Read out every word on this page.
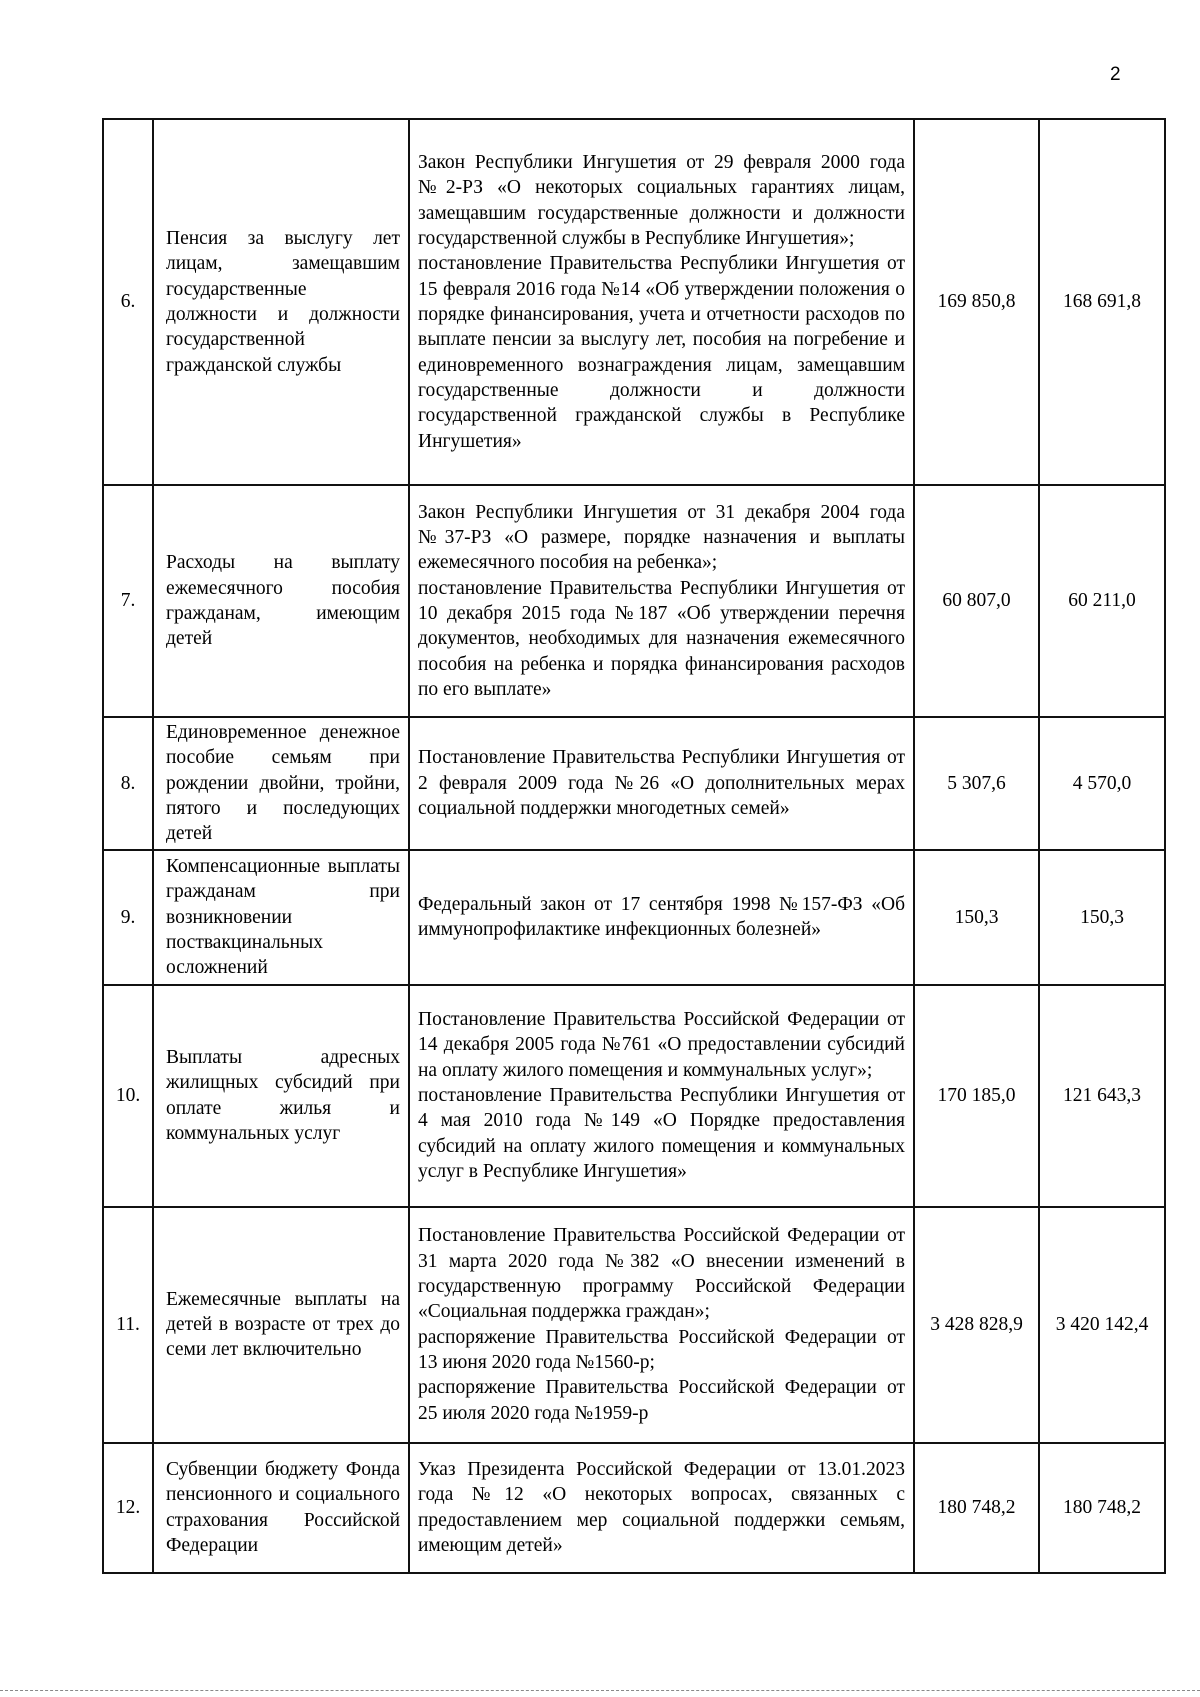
2
6.	Пенсия за выслугу лет лицам, замещавшим государственные должности и должности государственной гражданской службы	Закон Республики Ингушетия от 29 февраля 2000 года №2-РЗ «О некоторых социальных гарантиях лицам, замещавшим государственные должности и должности государственной службы в Республике Ингушетия»;
постановление Правительства Республики Ингушетия от 15 февраля 2016 года №14 «Об утверждении положения о порядке финансирования, учета и отчетности расходов по выплате пенсии за выслугу лет, пособия на погребение и единовременного вознаграждения лицам, замещавшим государственные должности и должности государственной гражданской службы в Республике Ингушетия»	169 850,8	168 691,8
7.	Расходы на выплату ежемесячного пособия гражданам, имеющим детей	Закон Республики Ингушетия от 31 декабря 2004 года №37-РЗ «О размере, порядке назначения и выплаты ежемесячного пособия на ребенка»;
постановление Правительства Республики Ингушетия от 10 декабря 2015 года №187 «Об утверждении перечня документов, необходимых для назначения ежемесячного пособия на ребенка и порядка финансирования расходов по его выплате»	60 807,0	60 211,0
8.	Единовременное денежное пособие семьям при рождении двойни, тройни, пятого и последующих детей	Постановление Правительства Республики Ингушетия от 2 февраля 2009 года №26 «О дополнительных мерах социальной поддержки многодетных семей»	5 307,6	4 570,0
9.	Компенсационные выплаты гражданам при возникновении поствакцинальных осложнений	Федеральный закон от 17 сентября 1998 №157-ФЗ «Об иммунопрофилактике инфекционных болезней»	150,3	150,3
10.	Выплаты адресных жилищных субсидий при оплате жилья и коммунальных услуг	Постановление Правительства Российской Федерации от 14 декабря 2005 года №761 «О предоставлении субсидий на оплату жилого помещения и коммунальных услуг»;
постановление Правительства Республики Ингушетия от 4 мая 2010 года №149 «О Порядке предоставления субсидий на оплату жилого помещения и коммунальных услуг в Республике Ингушетия»	170 185,0	121 643,3
11.	Ежемесячные выплаты на детей в возрасте от трех до семи лет включительно	Постановление Правительства Российской Федерации от 31 марта 2020 года №382 «О внесении изменений в государственную программу Российской Федерации «Социальная поддержка граждан»;
распоряжение Правительства Российской Федерации от 13 июня 2020 года №1560-р;
распоряжение Правительства Российской Федерации от 25 июля 2020 года №1959-р	3 428 828,9	3 420 142,4
12.	Субвенции бюджету Фонда пенсионного и социального страхования Российской Федерации	Указ Президента Российской Федерации от 13.01.2023 года №12 «О некоторых вопросах, связанных с предоставлением мер социальной поддержки семьям, имеющим детей»	180 748,2	180 748,2
